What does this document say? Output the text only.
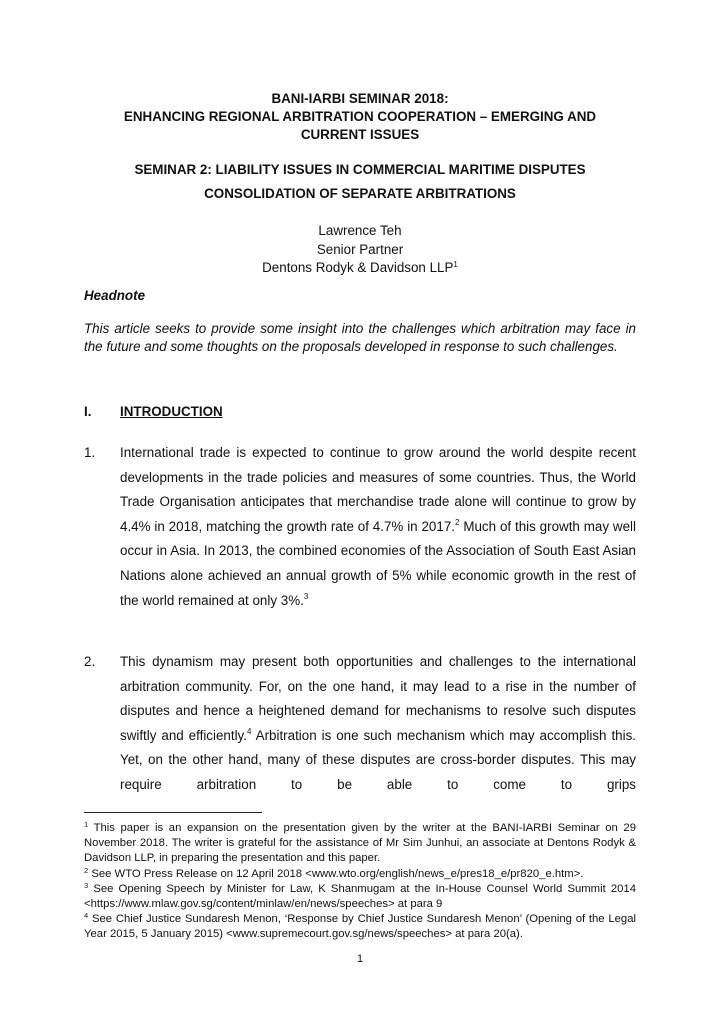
BANI-IARBI SEMINAR 2018:
ENHANCING REGIONAL ARBITRATION COOPERATION – EMERGING AND
CURRENT ISSUES
SEMINAR 2: LIABILITY ISSUES IN COMMERCIAL MARITIME DISPUTES
CONSOLIDATION OF SEPARATE ARBITRATIONS
Lawrence Teh
Senior Partner
Dentons Rodyk & Davidson LLP$^1$
Headnote
This article seeks to provide some insight into the challenges which arbitration may face in the future and some thoughts on the proposals developed in response to such challenges.
I. INTRODUCTION
1. International trade is expected to continue to grow around the world despite recent developments in the trade policies and measures of some countries. Thus, the World Trade Organisation anticipates that merchandise trade alone will continue to grow by 4.4% in 2018, matching the growth rate of 4.7% in 2017.$^2$ Much of this growth may well occur in Asia. In 2013, the combined economies of the Association of South East Asian Nations alone achieved an annual growth of 5% while economic growth in the rest of the world remained at only 3%.$^3$
2. This dynamism may present both opportunities and challenges to the international arbitration community. For, on the one hand, it may lead to a rise in the number of disputes and hence a heightened demand for mechanisms to resolve such disputes swiftly and efficiently.$^4$ Arbitration is one such mechanism which may accomplish this. Yet, on the other hand, many of these disputes are cross-border disputes. This may require arbitration to be able to come to grips
$^1$ This paper is an expansion on the presentation given by the writer at the BANI-IARBI Seminar on 29 November 2018. The writer is grateful for the assistance of Mr Sim Junhui, an associate at Dentons Rodyk & Davidson LLP, in preparing the presentation and this paper.
$^2$ See WTO Press Release on 12 April 2018 <www.wto.org/english/news_e/pres18_e/pr820_e.htm>.
$^3$ See Opening Speech by Minister for Law, K Shanmugam at the In-House Counsel World Summit 2014 <https://www.mlaw.gov.sg/content/minlaw/en/news/speeches> at para 9
$^4$ See Chief Justice Sundaresh Menon, ‘Response by Chief Justice Sundaresh Menon’ (Opening of the Legal Year 2015, 5 January 2015) <www.supremecourt.gov.sg/news/speeches> at para 20(a).
1
